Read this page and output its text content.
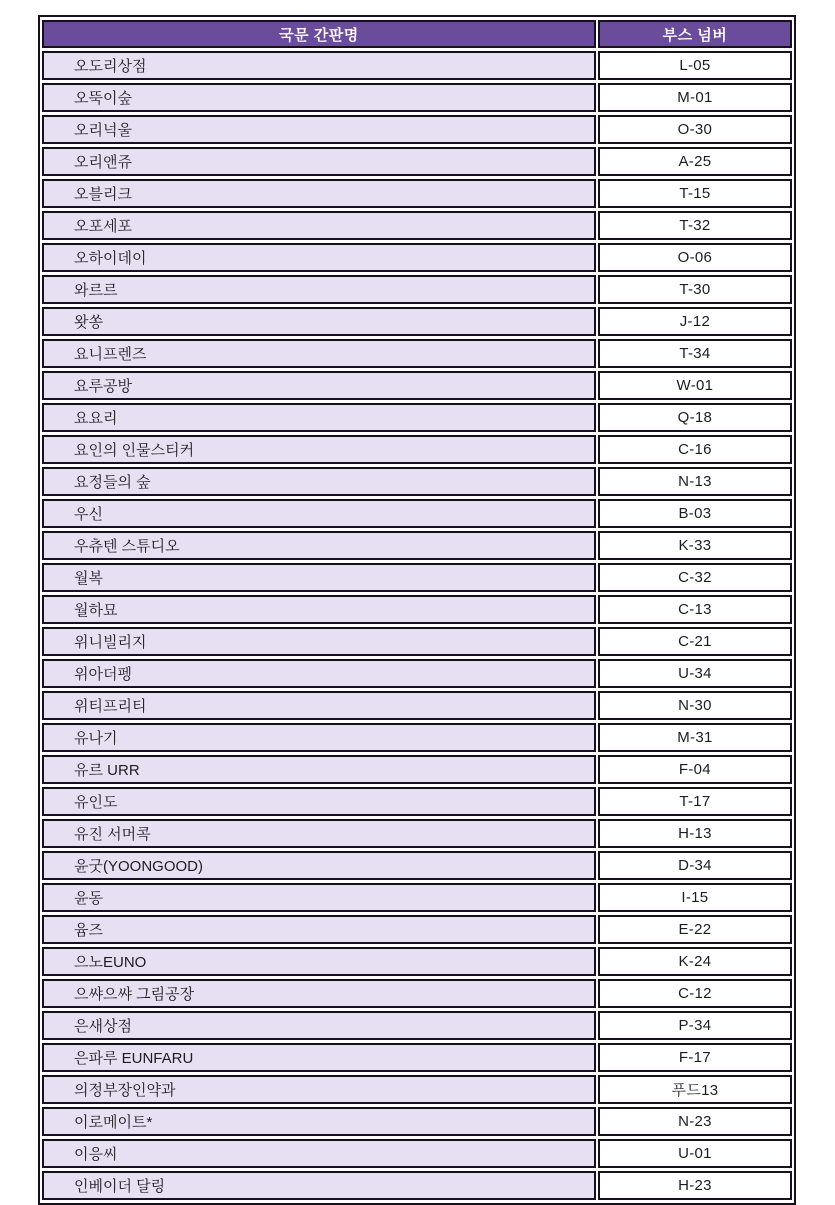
국문 간판명	부스 넘버
오도리상점	L-05
오뚝이숲	M-01
오리넉울	O-30
오리앤쥬	A-25
오블리크	T-15
오포세포	T-32
오하이데이	O-06
와르르	T-30
왓쏭	J-12
요니프렌즈	T-34
요루공방	W-01
요요리	Q-18
요인의 인물스티커	C-16
요정들의 숲	N-13
우신	B-03
우츄텐 스튜디오	K-33
월복	C-32
월하묘	C-13
위니빌리지	C-21
위아더펭	U-34
위티프리티	N-30
유나기	M-31
유르 URR	F-04
유인도	T-17
유진 서머콕	H-13
윤굿(YOONGOOD)	D-34
윤동	I-15
윰즈	E-22
으노EUNO	K-24
으쌰으쌰 그림공장	C-12
은새상점	P-34
은파루 EUNFARU	F-17
의정부장인약과	푸드13
이로메이트*	N-23
이응씨	U-01
인베이더 달링	H-23
